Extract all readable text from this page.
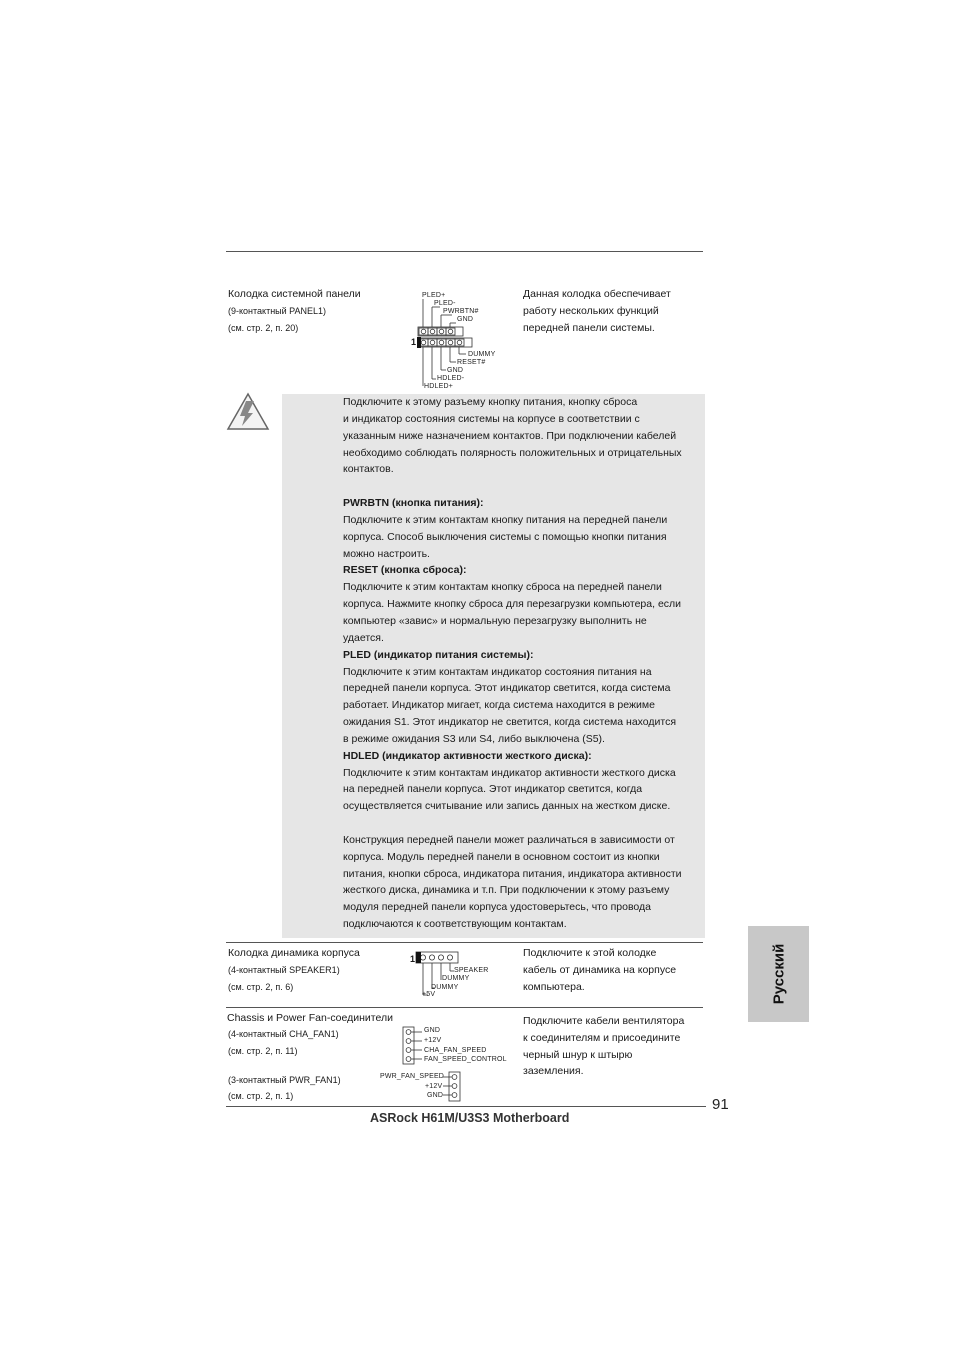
Колодка системной панели
(9-контактный PANEL1)
(см. стр. 2, п. 20)
PLED+
PLED-
PWRBTN#
GND
1
DUMMY
RESET#
GND
HDLED-
HDLED+
Данная колодка обеспечивает
работу нескольких функций
передней панели системы.

Подключите к этому разъему кнопку питания, кнопку сброса

и индикатор состояния системы на корпусе в соответствии с

указанным ниже назначением контактов. При подключении кабелей

необходимо соблюдать полярность положительных и отрицательных

контактов.

PWRBTN (кнопка питания):

Подключите к этим контактам кнопку питания на передней панели

корпуса. Способ выключения системы с помощью кнопки питания

можно настроить.

RESET (кнопка сброса):

Подключите к этим контактам кнопку сброса на передней панели

корпуса. Нажмите кнопку сброса для перезагрузки компьютера, если

компьютер «завис» и нормальную перезагрузку выполнить не

удается.

PLED (индикатор питания системы):

Подключите к этим контактам индикатор состояния питания на

передней панели корпуса. Этот индикатор светится, когда система

работает. Индикатор мигает, когда система находится в режиме

ожидания S1. Этот индикатор не светится, когда система находится

в режиме ожидания S3 или S4, либо выключена (S5).

HDLED (индикатор активности жесткого диска):

Подключите к этим контактам индикатор активности жесткого диска

на передней панели корпуса. Этот индикатор светится, когда

осуществляется считывание или запись данных на жестком диске.

Конструкция передней панели может различаться в зависимости от

корпуса. Модуль передней панели в основном состоит из кнопки

питания, кнопки сброса, индикатора питания, индикатора активности

жесткого диска, динамика и т.п. При подключении к этому разъему

модуля передней панели корпуса удостоверьтесь, что провода

подключаются к соответствующим контактам.

Колодка динамика корпуса
(4-контактный SPEAKER1)
(см. стр. 2, п. 6)
1
SPEAKER
DUMMY
DUMMY
+5V
Подключите к этой колодке
кабель от динамика на корпусе
компьютера.
Chassis и Power Fan-соединители
(4-контактный CHA_FAN1)
(см. стр. 2, п. 11)
(3-контактный PWR_FAN1)
(см. стр. 2, п. 1)
GND
+12V
CHA_FAN_SPEED
FAN_SPEED_CONTROL
PWR_FAN_SPEED
+12V
GND
Подключите кабели вентилятора
к соединителям и присоедините
черный шнур к штырю
заземления.
Русский
91
ASRock H61M/U3S3 Motherboard
